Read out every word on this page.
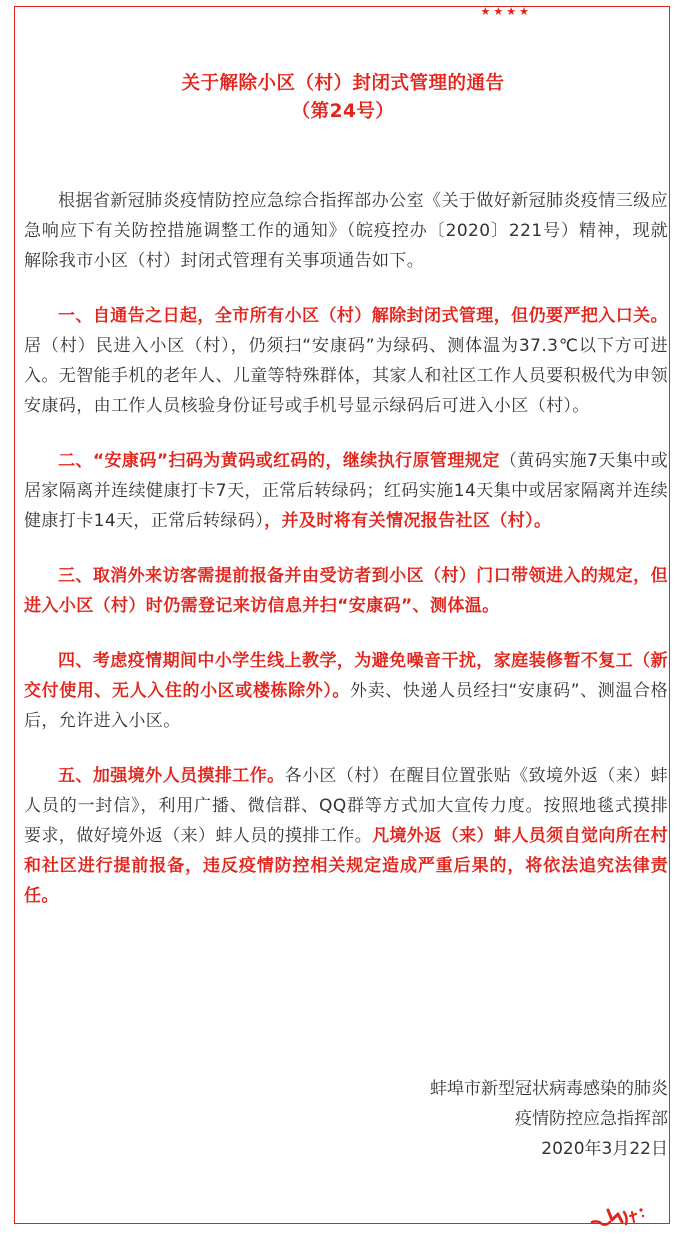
★ ★ ★ ★
关于解除小区（村）封闭式管理的通告
（第24号）

根据省新冠肺炎疫情防控应急综合指挥部办公室《关于做好新冠肺炎疫情三级应急响应下有关防控措施调整工作的通知》（皖疫控办〔2020〕221号）精神，现就解除我市小区（村）封闭式管理有关事项通告如下。

一、自通告之日起，全市所有小区（村）解除封闭式管理，但仍要严把入口关。居（村）民进入小区（村），仍须扫“安康码”为绿码、测体温为37.3℃以下方可进入。无智能手机的老年人、儿童等特殊群体，其家人和社区工作人员要积极代为申领安康码，由工作人员核验身份证号或手机号显示绿码后可进入小区（村）。

二、“安康码”扫码为黄码或红码的，继续执行原管理规定（黄码实施7天集中或居家隔离并连续健康打卡7天，正常后转绿码；红码实施14天集中或居家隔离并连续健康打卡14天，正常后转绿码），并及时将有关情况报告社区（村）。

三、取消外来访客需提前报备并由受访者到小区（村）门口带领进入的规定，但进入小区（村）时仍需登记来访信息并扫“安康码”、测体温。

四、考虑疫情期间中小学生线上教学，为避免噪音干扰，家庭装修暂不复工（新交付使用、无人入住的小区或楼栋除外）。外卖、快递人员经扫“安康码”、测温合格后，允许进入小区。

五、加强境外人员摸排工作。各小区（村）在醒目位置张贴《致境外返（来）蚌人员的一封信》，利用广播、微信群、QQ群等方式加大宣传力度。按照地毯式摸排要求，做好境外返（来）蚌人员的摸排工作。凡境外返（来）蚌人员须自觉向所在村和社区进行提前报备，违反疫情防控相关规定造成严重后果的，将依法追究法律责任。

蚌埠市新型冠状病毒感染的肺炎
疫情防控应急指挥部
2020年3月22日
